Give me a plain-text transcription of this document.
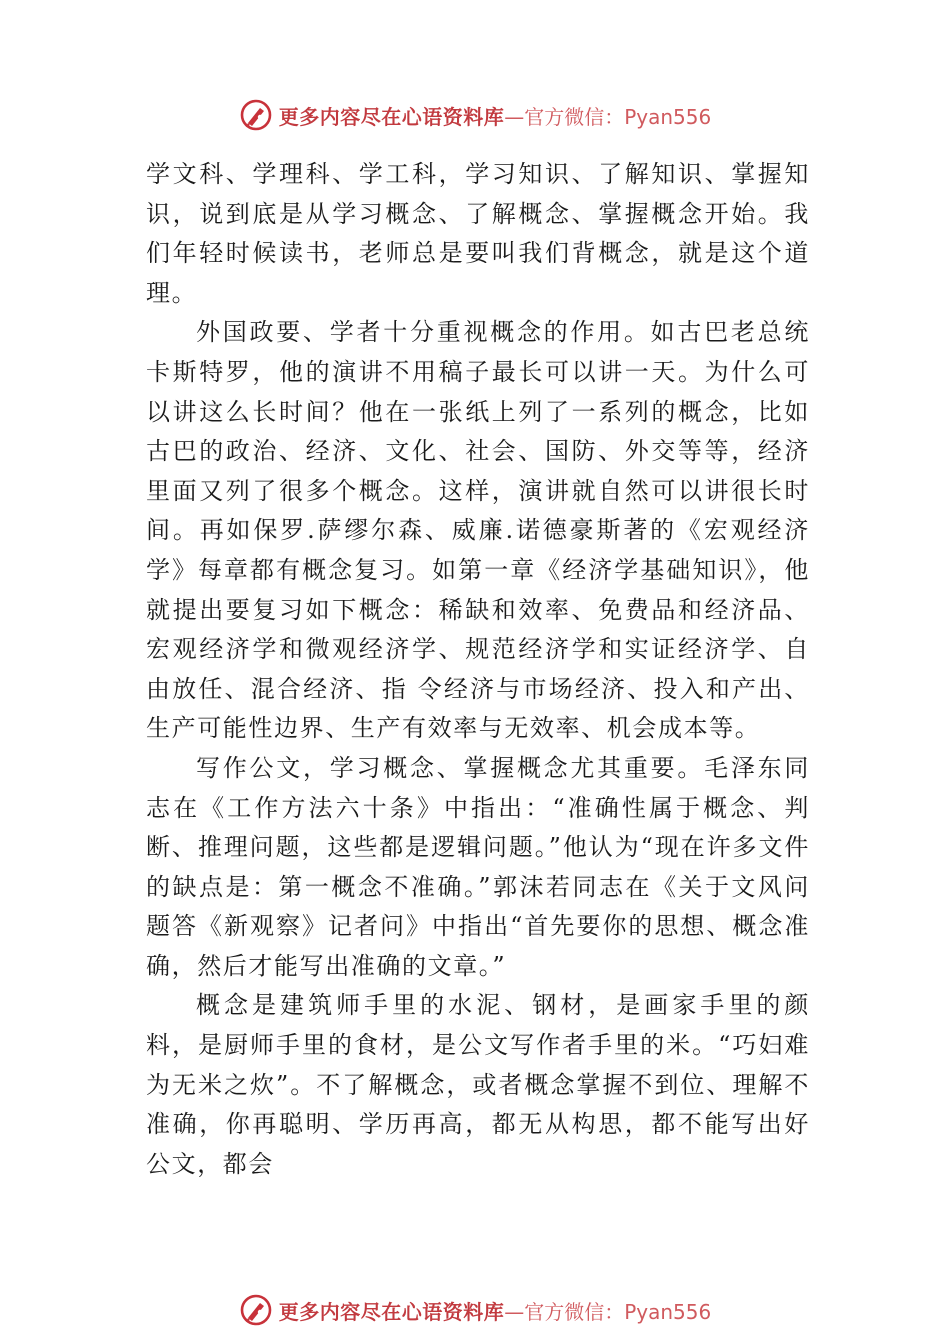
更多内容尽在心语资料库 —官方微信：Pyan556

学文科、学理科、学工科，学习知识、了解知识、掌握知识，说到底是从学习概念、了解概念、掌握概念开始。我们年轻时候读书，老师总是要叫我们背概念，就是这个道理。

外国政要、学者十分重视概念的作用。如古巴老总统卡斯特罗，他的演讲不用稿子最长可以讲一天。为什么可以讲这么长时间？他在一张纸上列了一系列的概念，比如古巴的政治、经济、文化、社会、国防、外交等等，经济里面又列了很多个概念。这样，演讲就自然可以讲很长时间。再如保罗.萨缪尔森、威廉.诺德豪斯著的《宏观经济学》每章都有概念复习。如第一章《经济学基础知识》，他就提出要复习如下概念：稀缺和效率、免费品和经济品、宏观经济学和微观经济学、规范经济学和实证经济学、自由放任、混合经济、指 令经济与市场经济、投入和产出、生产可能性边界、生产有效率与无效率、机会成本等。

写作公文，学习概念、掌握概念尤其重要。毛泽东同志在《工作方法六十条》中指出：“准确性属于概念、判断、推理问题，这些都是逻辑问题。”他认为“现在许多文件的缺点是：第一概念不准确。”郭沫若同志在《关于文风问题答《新观察》记者问》中指出“首先要你的思想、概念准确，然后才能写出准确的文章。”

概念是建筑师手里的水泥、钢材，是画家手里的颜料，是厨师手里的食材，是公文写作者手里的米。“巧妇难为无米之炊”。不了解概念，或者概念掌握不到位、理解不准确，你再聪明、学历再高，都无从构思，都不能写出好公文，都会

更多内容尽在心语资料库 —官方微信：Pyan556
